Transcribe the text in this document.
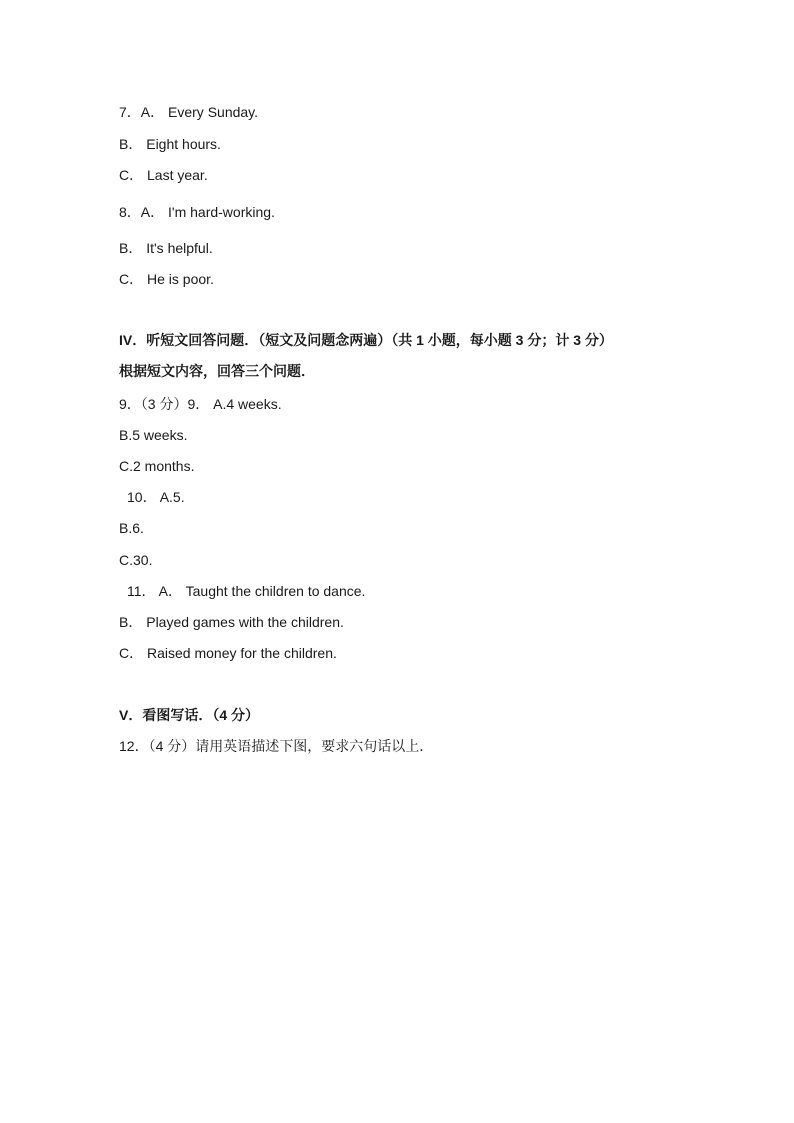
7．A． Every Sunday.
B． Eight hours.
C． Last year.
8．A． I'm hard-working.
B． It's helpful.
C． He is poor.
IV．听短文回答问题．（短文及问题念两遍）（共 1 小题，每小题 3 分；计 3 分）
根据短文内容，回答三个问题．
9．（3 分）9． A.4 weeks.
B.5 weeks.
C.2 months.
10． A.5.
B.6.
C.30.
11． A． Taught the children to dance.
B． Played games with the children.
C． Raised money for the children.
V．看图写话．（4 分）
12．（4 分）请用英语描述下图，要求六句话以上．
